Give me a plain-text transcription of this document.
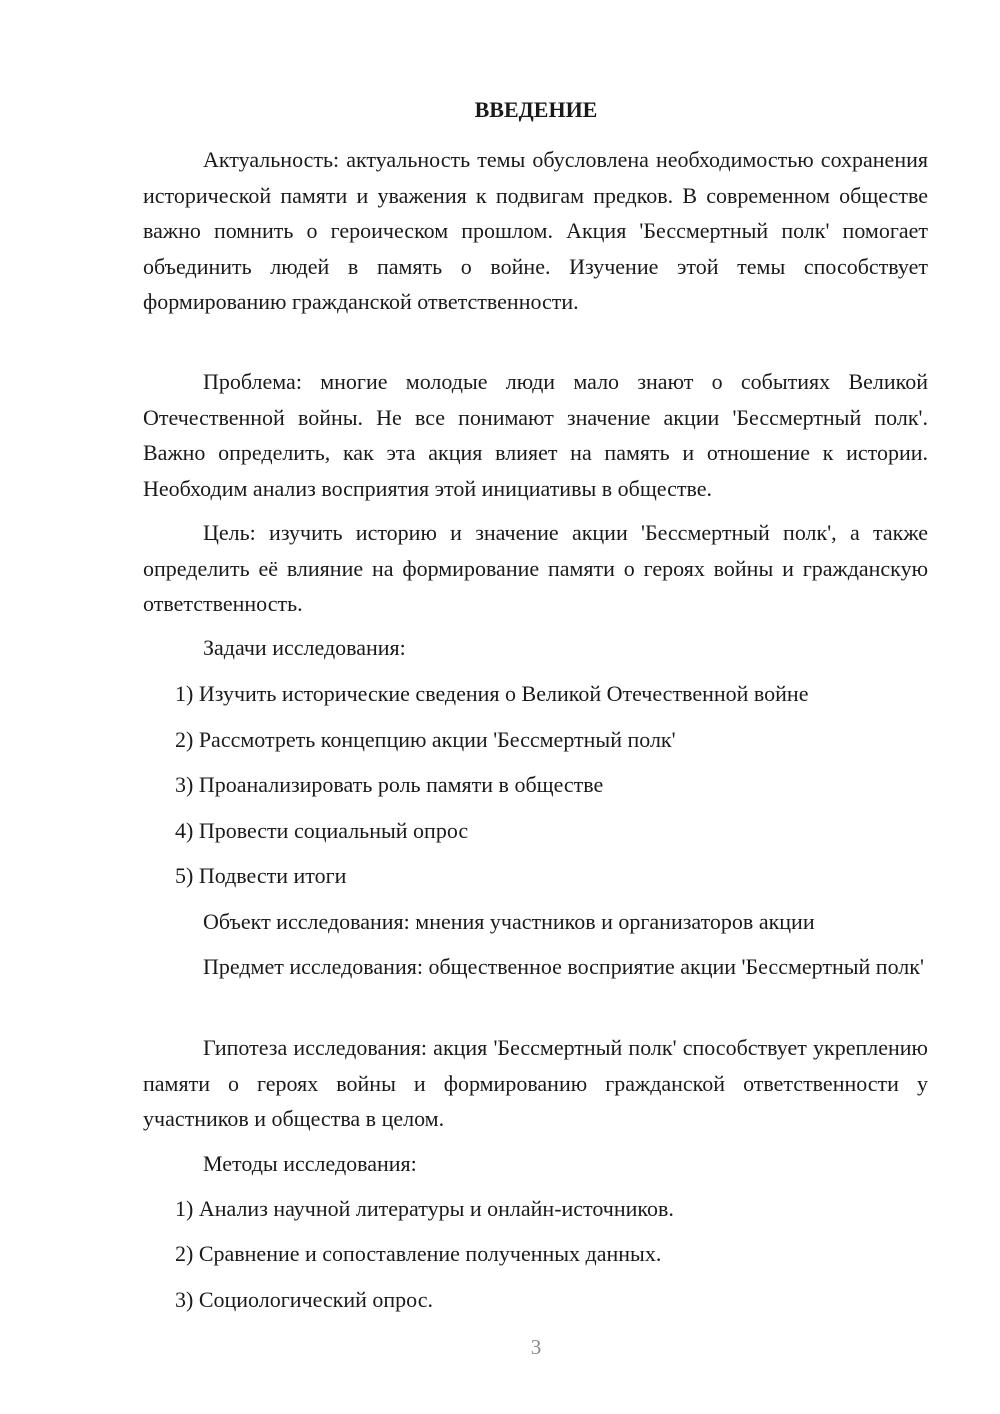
ВВЕДЕНИЕ

Актуальность: актуальность темы обусловлена необходимостью сохранения исторической памяти и уважения к подвигам предков. В современном обществе важно помнить о героическом прошлом. Акция 'Бессмертный полк' помогает объединить людей в память о войне. Изучение этой темы способствует формированию гражданской ответственности.

Проблема: многие молодые люди мало знают о событиях Великой Отечественной войны. Не все понимают значение акции 'Бессмертный полк'. Важно определить, как эта акция влияет на память и отношение к истории. Необходим анализ восприятия этой инициативы в обществе.

Цель: изучить историю и значение акции 'Бессмертный полк', а также определить её влияние на формирование памяти о героях войны и гражданскую ответственность.

Задачи исследования:

1) Изучить исторические сведения о Великой Отечественной войне

2) Рассмотреть концепцию акции 'Бессмертный полк'

3) Проанализировать роль памяти в обществе

4) Провести социальный опрос

5) Подвести итоги

Объект исследования: мнения участников и организаторов акции

Предмет исследования: общественное восприятие акции 'Бессмертный полк'

Гипотеза исследования: акция 'Бессмертный полк' способствует укреплению памяти о героях войны и формированию гражданской ответственности у участников и общества в целом.

Методы исследования:

1) Анализ научной литературы и онлайн-источников.

2) Сравнение и сопоставление полученных данных.

3) Социологический опрос.

3
